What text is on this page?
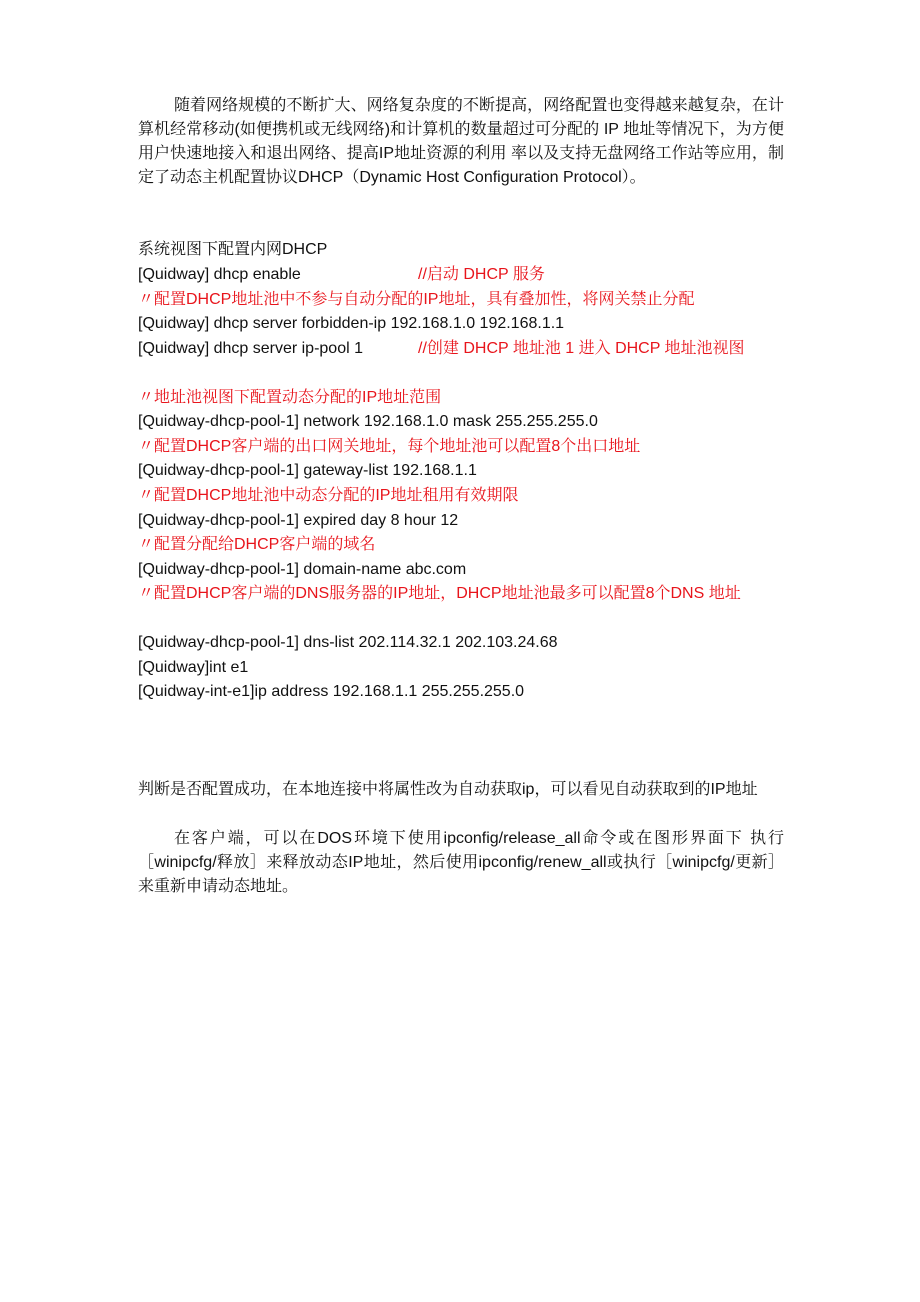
随着网络规模的不断扩大、网络复杂度的不断提高，网络配置也变得越来越复杂，在计算机经常移动(如便携机或无线网络)和计算机的数量超过可分配的 IP 地址等情况下，为方便用户快速地接入和退出网络、提高IP地址资源的利用 率以及支持无盘网络工作站等应用，制定了动态主机配置协议DHCP（Dynamic Host Configuration Protocol）。

系统视图下配置内网DHCP
[Quidway] dhcp enable	//启动 DHCP 服务
〃配置DHCP地址池中不参与自动分配的IP地址，具有叠加性，将网关禁止分配
[Quidway] dhcp server forbidden-ip 192.168.1.0 192.168.1.1
[Quidway] dhcp server ip-pool 1	//创建 DHCP 地址池 1 进入 DHCP 地址池视图
〃地址池视图下配置动态分配的IP地址范围
[Quidway-dhcp-pool-1] network 192.168.1.0 mask 255.255.255.0
〃配置DHCP客户端的出口网关地址，每个地址池可以配置8个出口地址
[Quidway-dhcp-pool-1] gateway-list 192.168.1.1
〃配置DHCP地址池中动态分配的IP地址租用有效期限
[Quidway-dhcp-pool-1] expired day 8 hour 12
〃配置分配给DHCP客户端的域名
[Quidway-dhcp-pool-1] domain-name abc.com
〃配置DHCP客户端的DNS服务器的IP地址，DHCP地址池最多可以配置8个DNS 地址
[Quidway-dhcp-pool-1] dns-list 202.114.32.1 202.103.24.68
[Quidway]int e1
[Quidway-int-e1]ip address 192.168.1.1 255.255.255.0

判断是否配置成功，在本地连接中将属性改为自动获取ip，可以看见自动获取到的IP地址

在客户端，可以在DOS环境下使用ipconfig/release_all命令或在图形界面下 执行［winipcfg/释放］来释放动态IP地址，然后使用ipconfig/renew_all或执行［winipcfg/更新］来重新申请动态地址。
